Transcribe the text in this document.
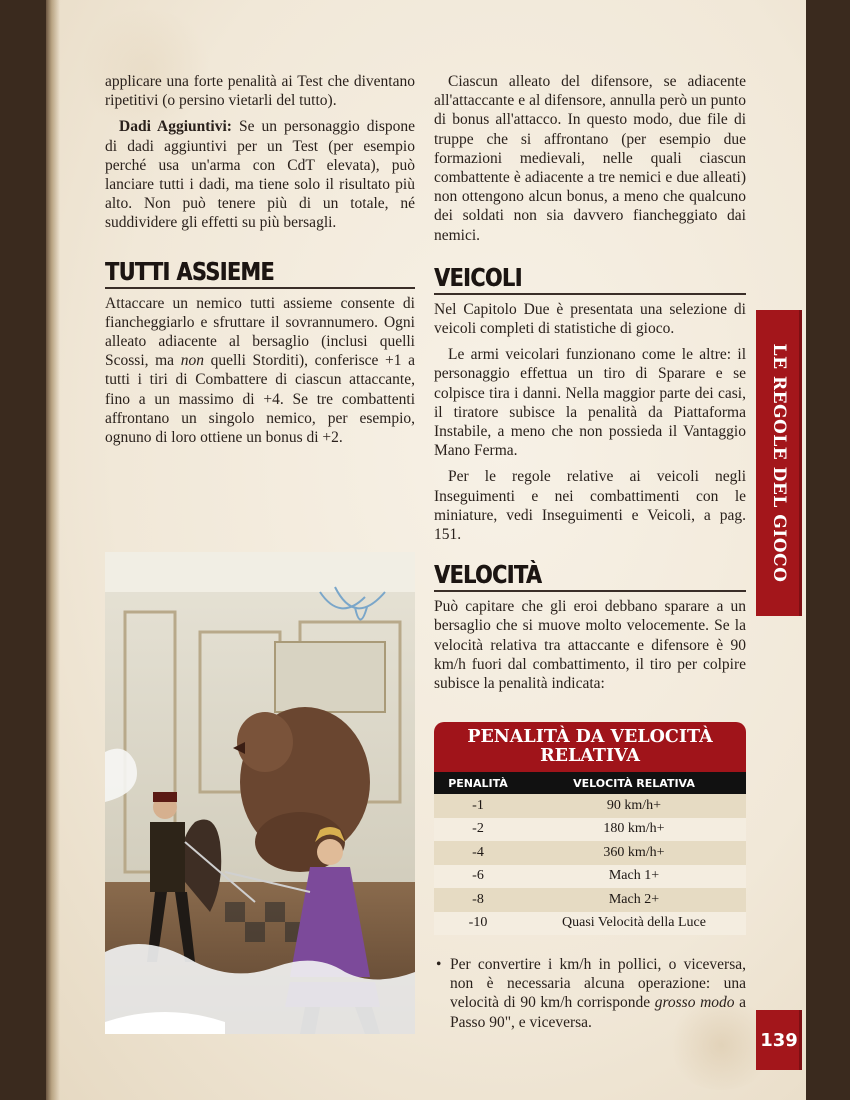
applicare una forte penalità ai Test che diventano ripetitivi (o persino vietarli del tutto).

Dadi Aggiuntivi: Se un personaggio dispone di dadi aggiuntivi per un Test (per esempio perché usa un'arma con CdT elevata), può lanciare tutti i dadi, ma tiene solo il risultato più alto. Non può tenere più di un totale, né suddividere gli effetti su più bersagli.

TUTTI ASSIEME

Attaccare un nemico tutti assieme consente di fiancheggiarlo e sfruttare il sovrannumero. Ogni alleato adiacente al bersaglio (inclusi quelli Scossi, ma non quelli Storditi), conferisce +1 a tutti i tiri di Combattere di ciascun attaccante, fino a un massimo di +4. Se tre combattenti affrontano un singolo nemico, per esempio, ognuno di loro ottiene un bonus di +2.

Ciascun alleato del difensore, se adiacente all'attaccante e al difensore, annulla però un punto di bonus all'attacco. In questo modo, due file di truppe che si affrontano (per esempio due formazioni medievali, nelle quali ciascun combattente è adiacente a tre nemici e due alleati) non ottengono alcun bonus, a meno che qualcuno dei soldati non sia davvero fiancheggiato dai nemici.

VEICOLI

Nel Capitolo Due è presentata una selezione di veicoli completi di statistiche di gioco.

Le armi veicolari funzionano come le altre: il personaggio effettua un tiro di Sparare e se colpisce tira i danni. Nella maggior parte dei casi, il tiratore subisce la penalità da Piattaforma Instabile, a meno che non possieda il Vantaggio Mano Ferma.

Per le regole relative ai veicoli negli Inseguimenti e nei combattimenti con le miniature, vedi Inseguimenti e Veicoli, a pag. 151.

VELOCITÀ

Può capitare che gli eroi debbano sparare a un bersaglio che si muove molto velocemente. Se la velocità relativa tra attaccante e difensore è 90 km/h fuori dal combattimento, il tiro per colpire subisce la penalità indicata:

PENALITÀ DA VELOCITÀ RELATIVA
PENALITÀ	VELOCITÀ RELATIVA
-1	90 km/h+
-2	180 km/h+
-4	360 km/h+
-6	Mach 1+
-8	Mach 2+
-10	Quasi Velocità della Luce
• Per convertire i km/h in pollici, o viceversa, non è necessaria alcuna operazione: una velocità di 90 km/h corrisponde grosso modo a Passo 90", e viceversa.
LE REGOLE DEL GIOCO
139
